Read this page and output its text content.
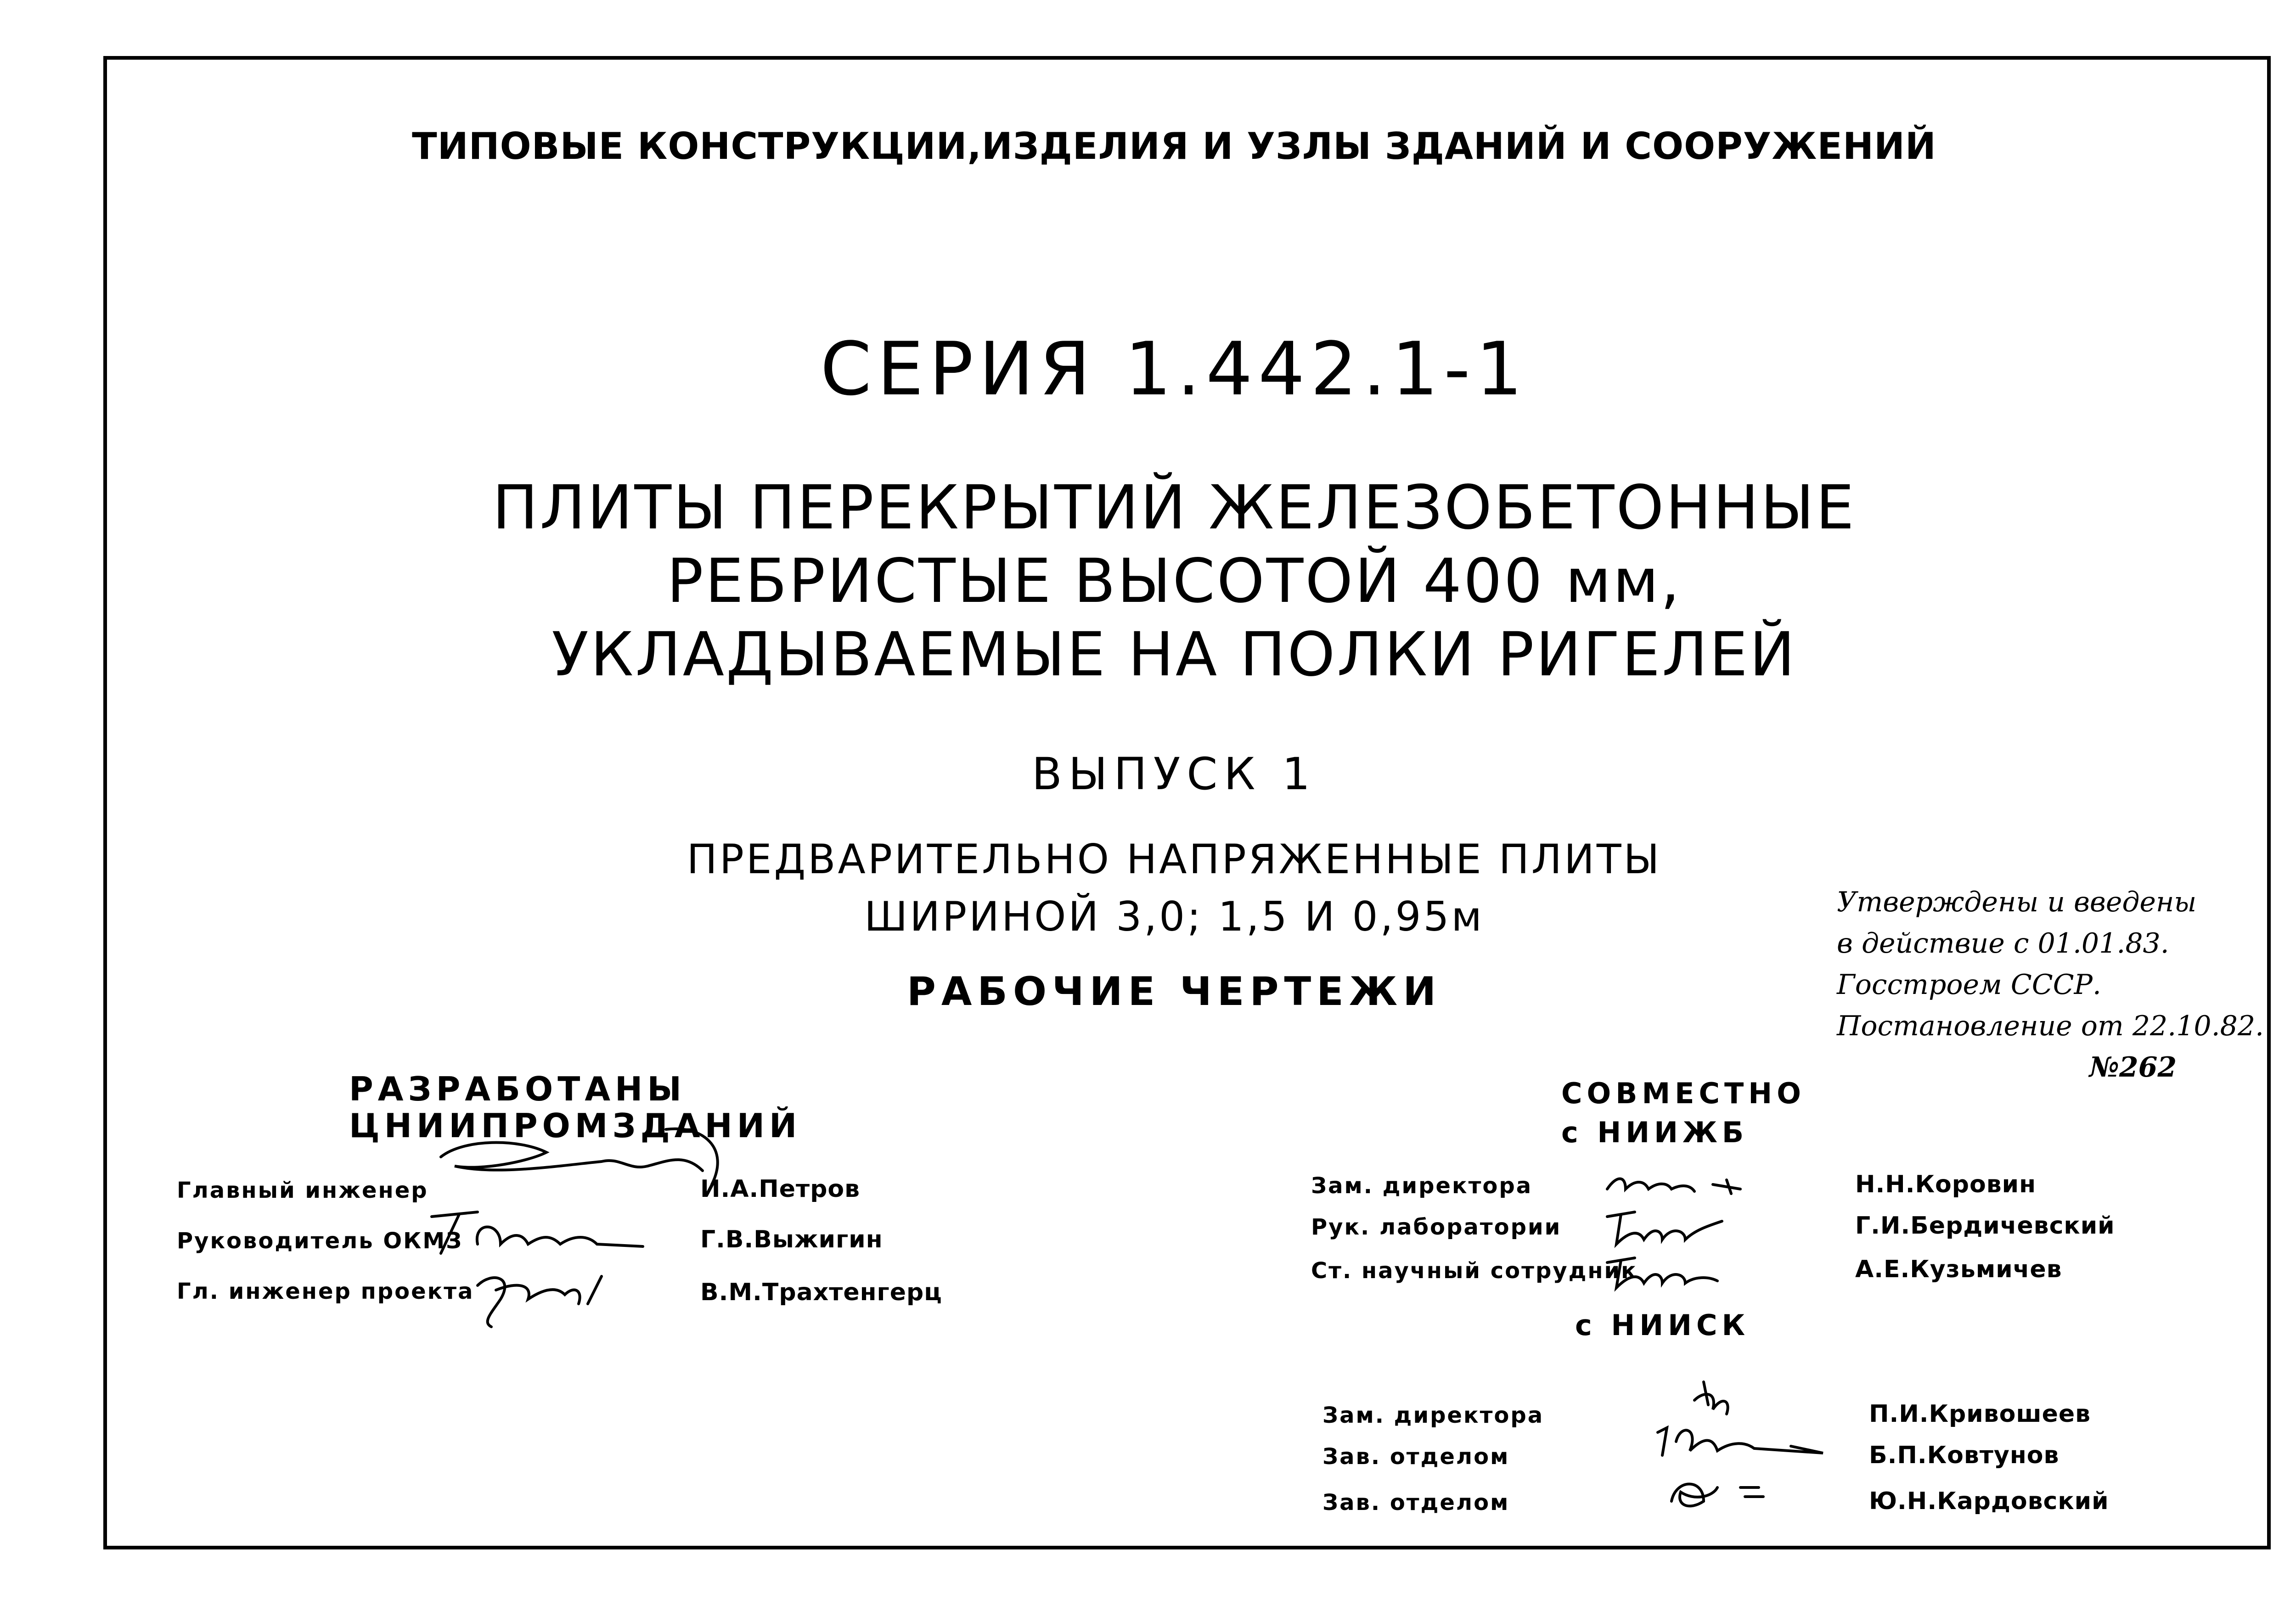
ТИПОВЫЕ КОНСТРУКЦИИ,ИЗДЕЛИЯ И УЗЛЫ ЗДАНИЙ И СООРУЖЕНИЙ
СЕРИЯ 1.442.1-1
ПЛИТЫ ПЕРЕКРЫТИЙ ЖЕЛЕЗОБЕТОННЫЕ
РЕБРИСТЫЕ ВЫСОТОЙ 400 мм,
УКЛАДЫВАЕМЫЕ НА ПОЛКИ РИГЕЛЕЙ
ВЫПУСК 1
ПРЕДВАРИТЕЛЬНО НАПРЯЖЕННЫЕ ПЛИТЫ
ШИРИНОЙ 3,0; 1,5 И 0,95м
РАБОЧИЕ ЧЕРТЕЖИ
Утверждены и введены
в действие с 01.01.83.
Госстроем СССР.
Постановление от 22.10.82.
№262
РАЗРАБОТАНЫ
ЦНИИПРОМЗДАНИЙ
Главный инженер	И.А.Петров
Руководитель ОКМЗ	Г.В.Выжигин
Гл. инженер проекта	В.М.Трахтенгерц
СОВМЕСТНО
с НИИЖБ
Зам. директора	Н.Н.Коровин
Рук. лаборатории	Г.И.Бердичевский
Ст. научный сотрудник	А.Е.Кузьмичев
с НИИСК
Зам. директора	П.И.Кривошеев
Зав. отделом	Б.П.Ковтунов
Зав. отделом	Ю.Н.Кардовский
